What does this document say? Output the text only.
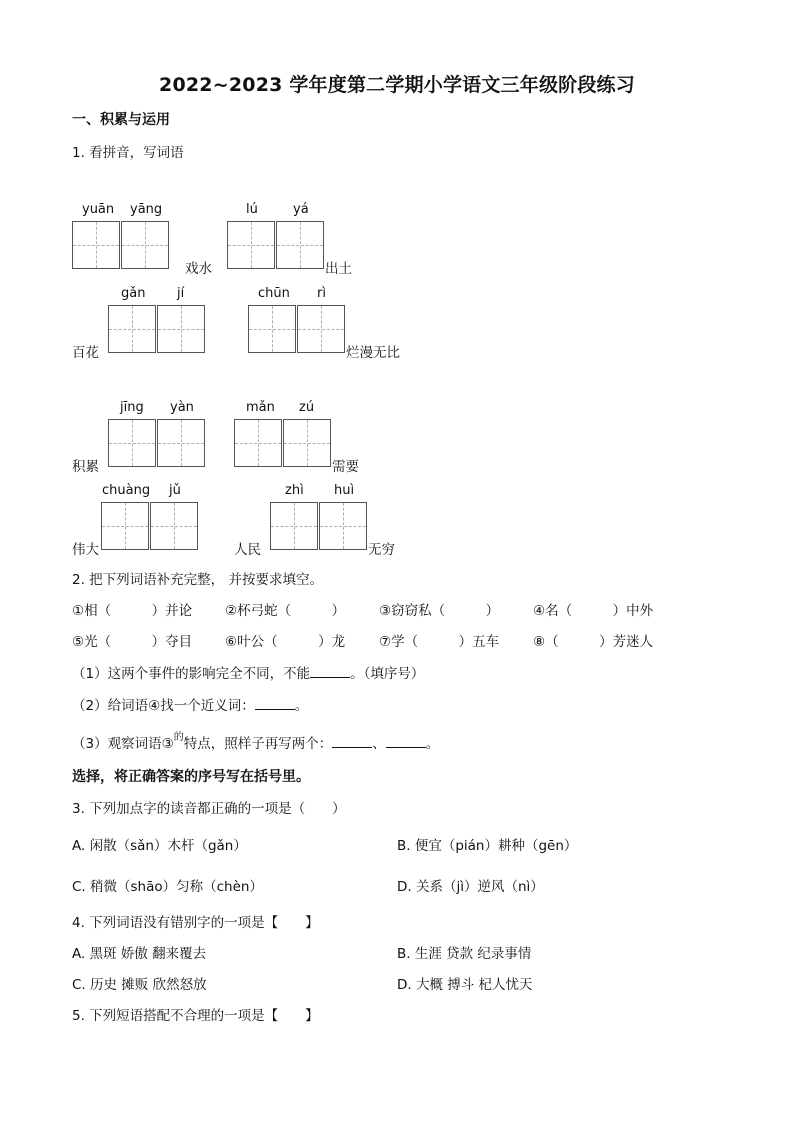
2022~2023 学年度第二学期小学语文三年级阶段练习
一、积累与运用
1. 看拼音，写词语
yuān yāng
戏水
lú	yá
出土
百花
gǎn jí	chūn rì
烂漫无比
积累
jīng yàn	mǎn zú
需要
伟大
chuàng jǔ
人民
zhì huì
无穷
2. 把下列词语补充完整， 并按要求填空。
①相（　　　）并论 ②杯弓蛇（　　　）	③窃窃私（　　　）	④名（　　　）中外
⑤光（　　　）夺目 ⑥叶公（　　　）龙	⑦学（　　　）五车	⑧（　　　）芳迷人
（1）这两个事件的影响完全不同，不能	。（填序号）
（2）给词语④找一个近义词：	。
（3）观察词语③$^的$特点，照样子再写两个：	、	。
选择，将正确答案的序号写在括号里。
3. 下列加点字的读音都正确的一项是（　　）
A. 闲散（sǎn）木杆（gǎn）	B. 便宜（pián）耕种（gēn）
C. 稍微（shāo）匀称（chèn）	D. 关系（jì）逆风（nì）
4. 下列词语没有错别字的一项是【　　】
A. 黑斑 娇傲 翻来覆去	B. 生涯 贷款 纪录事情
C. 历史 摊贩 欣然怒放	D. 大概 搏斗 杞人忧天
5. 下列短语搭配不合理的一项是【　　】
